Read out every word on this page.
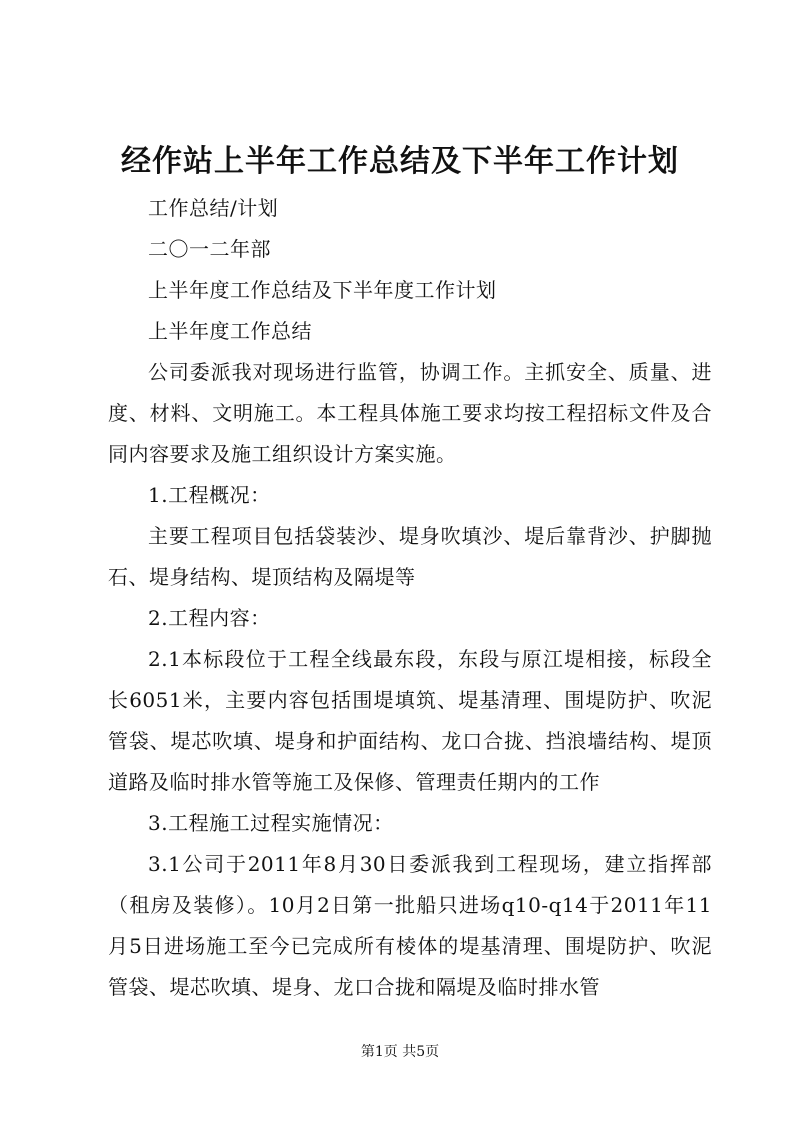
经作站上半年工作总结及下半年工作计划

工作总结/计划

二〇一二年部

上半年度工作总结及下半年度工作计划

上半年度工作总结

公司委派我对现场进行监管，协调工作。主抓安全、质量、进度、材料、文明施工。本工程具体施工要求均按工程招标文件及合同内容要求及施工组织设计方案实施。

1.工程概况：

主要工程项目包括袋装沙、堤身吹填沙、堤后靠背沙、护脚抛石、堤身结构、堤顶结构及隔堤等

2.工程内容：

2.1本标段位于工程全线最东段，东段与原江堤相接，标段全长6051米，主要内容包括围堤填筑、堤基清理、围堤防护、吹泥管袋、堤芯吹填、堤身和护面结构、龙口合拢、挡浪墙结构、堤顶道路及临时排水管等施工及保修、管理责任期内的工作

3.工程施工过程实施情况：

3.1公司于2011年8月30日委派我到工程现场，建立指挥部（租房及装修）。10月2日第一批船只进场q10-q14于2011年11月5日进场施工至今已完成所有棱体的堤基清理、围堤防护、吹泥管袋、堤芯吹填、堤身、龙口合拢和隔堤及临时排水管

第1页 共5页
